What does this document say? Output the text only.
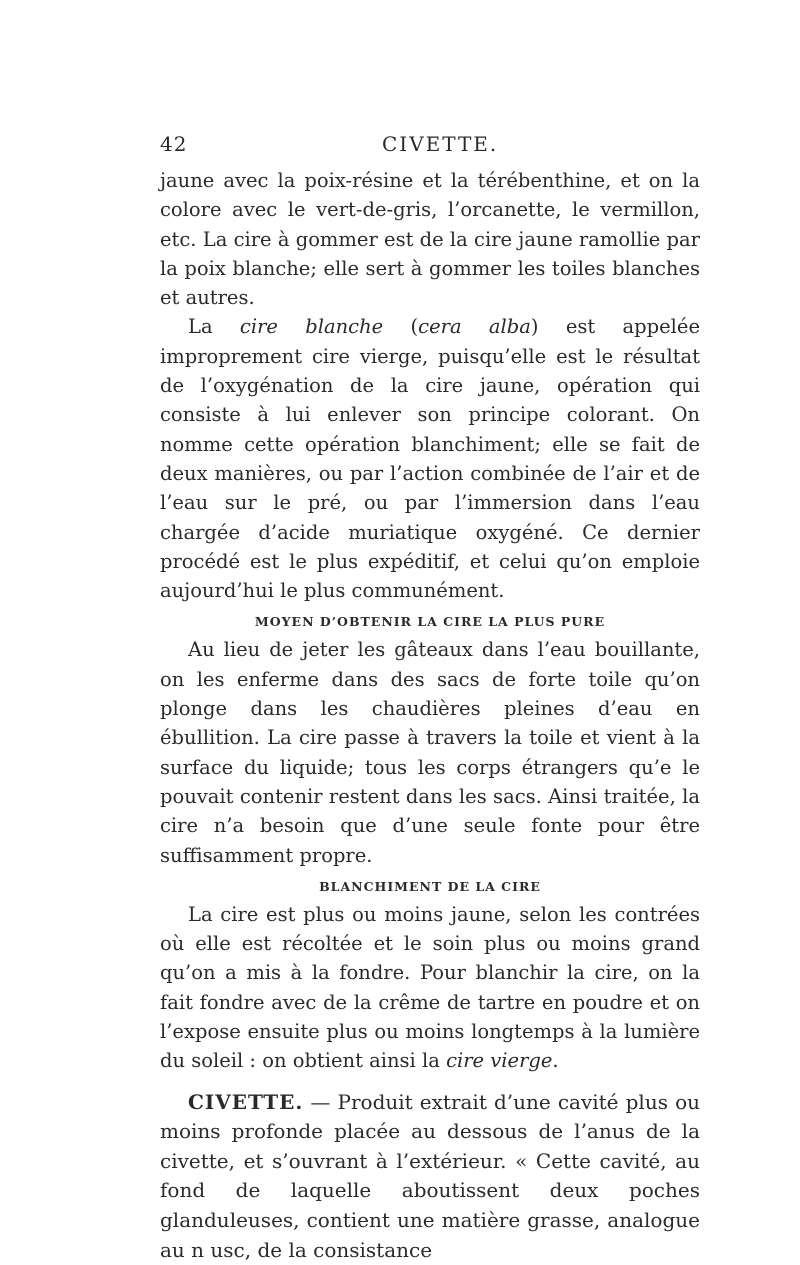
42	CIVETTE.

jaune avec la poix-résine et la térébenthine, et on la colore avec le vert-de-gris, l’orcanette, le vermillon, etc. La cire à gommer est de la cire jaune ramollie par la poix blanche; elle sert à gommer les toiles blanches et autres.

La cire blanche (cera alba) est appelée improprement cire vierge, puisqu’elle est le résultat de l’oxygénation de la cire jaune, opération qui consiste à lui enlever son principe colorant. On nomme cette opération blanchiment; elle se fait de deux manières, ou par l’action combinée de l’air et de l’eau sur le pré, ou par l’immersion dans l’eau chargée d’acide muriatique oxygéné. Ce dernier procédé est le plus expéditif, et celui qu’on emploie aujourd’hui le plus communément.

MOYEN D’OBTENIR LA CIRE LA PLUS PURE

Au lieu de jeter les gâteaux dans l’eau bouillante, on les enferme dans des sacs de forte toile qu’on plonge dans les chaudières pleines d’eau en ébullition. La cire passe à travers la toile et vient à la surface du liquide; tous les corps étrangers qu’e le pouvait contenir restent dans les sacs. Ainsi traitée, la cire n’a besoin que d’une seule fonte pour être suffisamment propre.

BLANCHIMENT DE LA CIRE

La cire est plus ou moins jaune, selon les contrées où elle est récoltée et le soin plus ou moins grand qu’on a mis à la fondre. Pour blanchir la cire, on la fait fondre avec de la crême de tartre en poudre et on l’expose ensuite plus ou moins longtemps à la lumière du soleil : on obtient ainsi la cire vierge.

CIVETTE. — Produit extrait d’une cavité plus ou moins profonde placée au dessous de l’anus de la civette, et s’ouvrant à l’extérieur. « Cette cavité, au fond de laquelle aboutissent deux poches glanduleuses, contient une matière grasse, analogue au n usc, de la consistance
